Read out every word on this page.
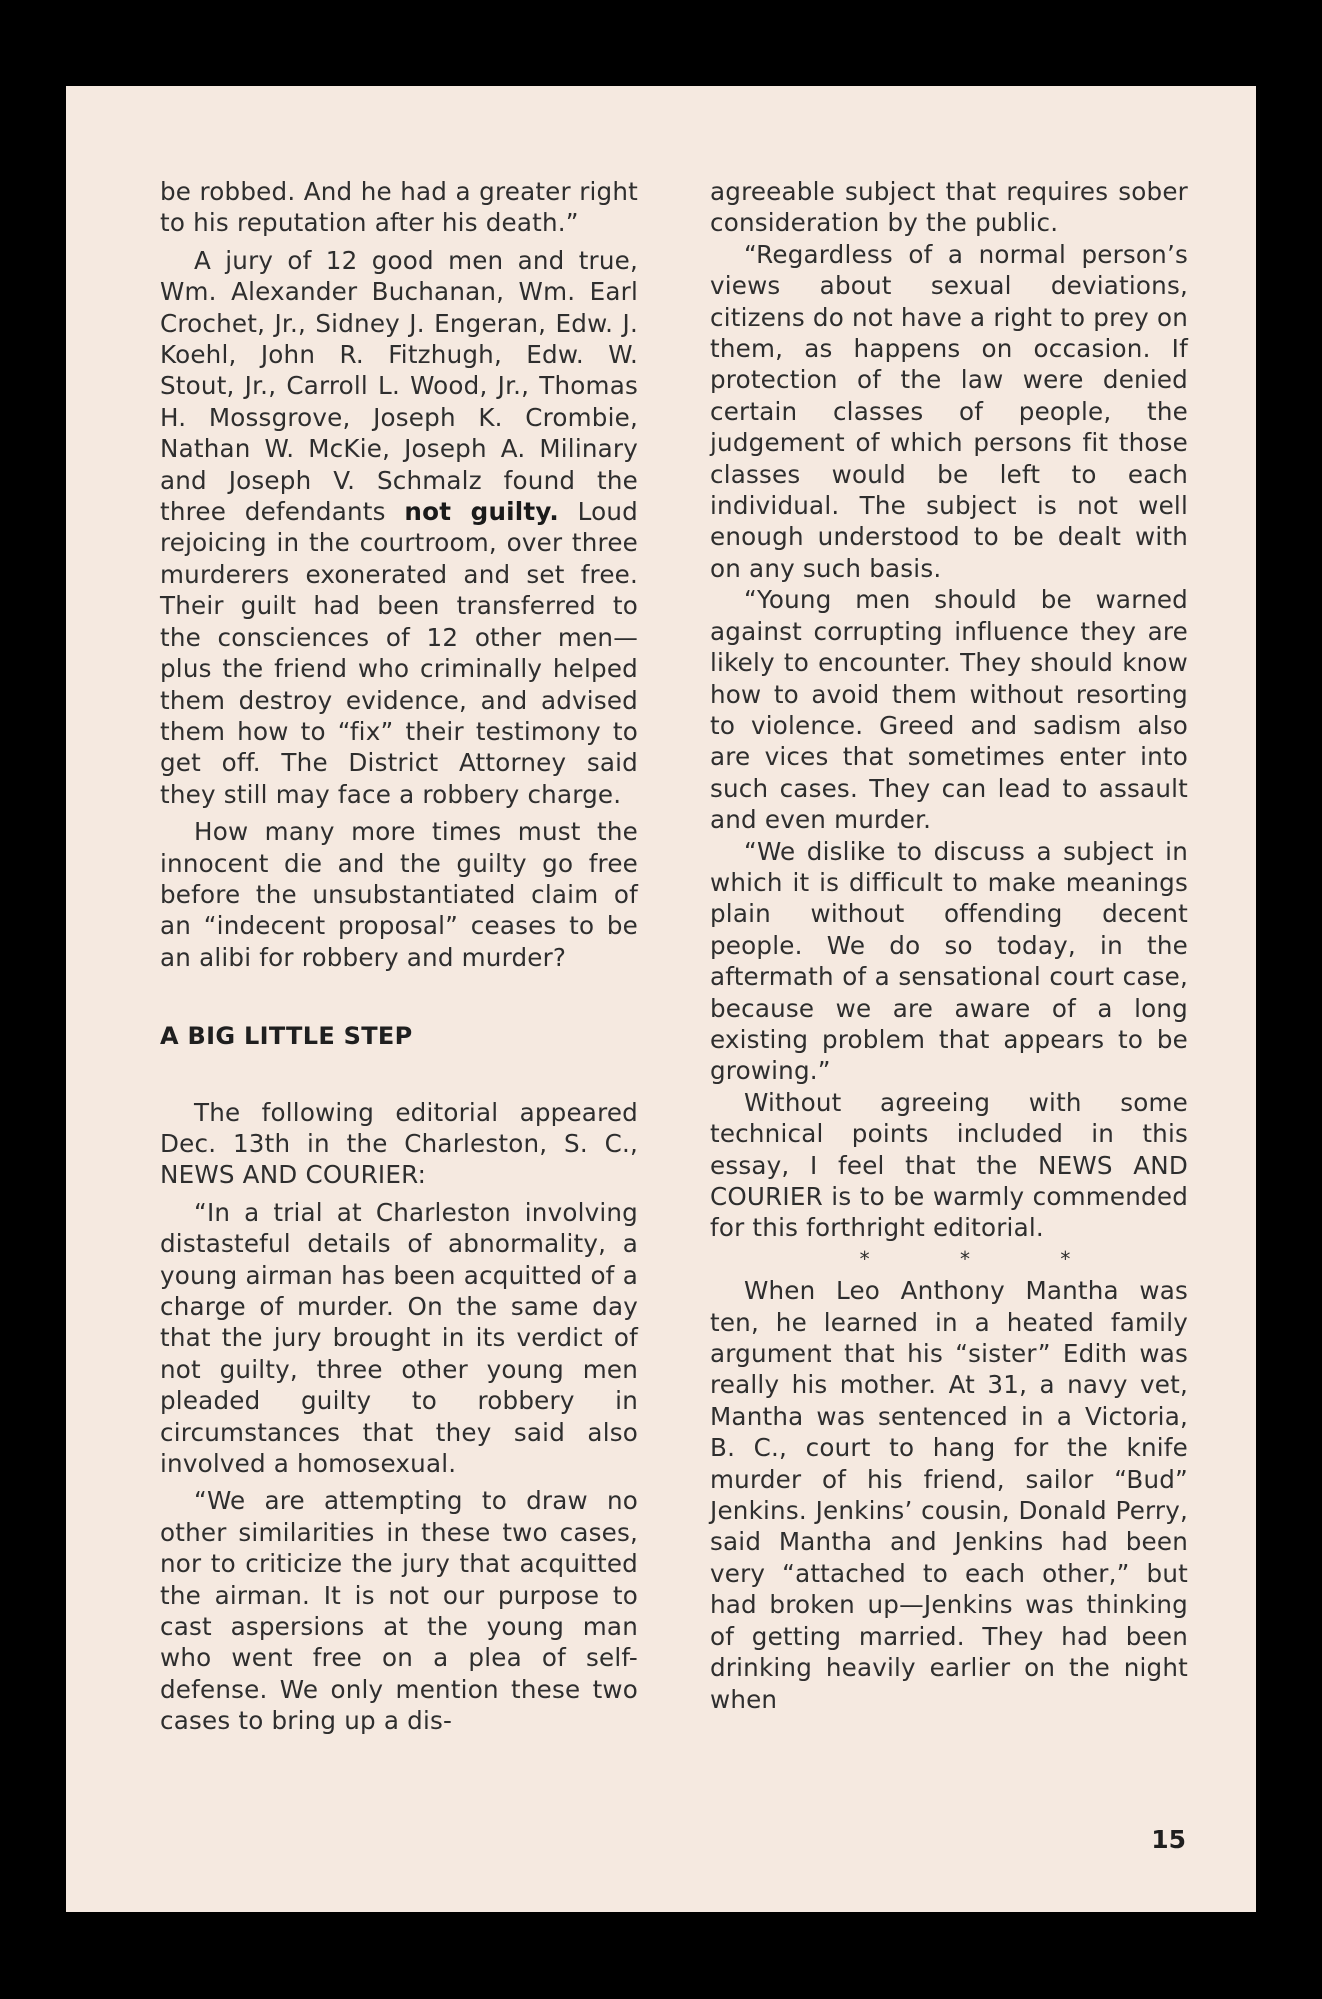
be robbed. And he had a greater right to his reputation after his death.”

A jury of 12 good men and true, Wm. Alexander Buchanan, Wm. Earl Crochet, Jr., Sidney J. Engeran, Edw. J. Koehl, John R. Fitzhugh, Edw. W. Stout, Jr., Carroll L. Wood, Jr., Thomas H. Mossgrove, Joseph K. Crombie, Nathan W. McKie, Joseph A. Milinary and Joseph V. Schmalz found the three defendants not guilty. Loud rejoicing in the courtroom, over three murderers exonerated and set free. Their guilt had been transferred to the consciences of 12 other men—plus the friend who criminally helped them destroy evidence, and advised them how to “fix” their testimony to get off. The District Attorney said they still may face a robbery charge.

How many more times must the innocent die and the guilty go free before the unsubstantiated claim of an “indecent proposal” ceases to be an alibi for robbery and murder?

A BIG LITTLE STEP

The following editorial appeared Dec. 13th in the Charleston, S. C., NEWS AND COURIER:

“In a trial at Charleston involving distasteful details of abnormality, a young airman has been acquitted of a charge of murder. On the same day that the jury brought in its verdict of not guilty, three other young men pleaded guilty to robbery in circumstances that they said also involved a homosexual.

“We are attempting to draw no other similarities in these two cases, nor to criticize the jury that acquitted the airman. It is not our purpose to cast aspersions at the young man who went free on a plea of self-defense. We only mention these two cases to bring up a dis-

agreeable subject that requires sober consideration by the public.

“Regardless of a normal person’s views about sexual deviations, citizens do not have a right to prey on them, as happens on occasion. If protection of the law were denied certain classes of people, the judgement of which persons fit those classes would be left to each individual. The subject is not well enough understood to be dealt with on any such basis.

“Young men should be warned against corrupting influence they are likely to encounter. They should know how to avoid them without resorting to violence. Greed and sadism also are vices that sometimes enter into such cases. They can lead to assault and even murder.

“We dislike to discuss a subject in which it is difficult to make meanings plain without offending decent people. We do so today, in the aftermath of a sensational court case, because we are aware of a long existing problem that appears to be growing.”

Without agreeing with some technical points included in this essay, I feel that the NEWS AND COURIER is to be warmly commended for this forthright editorial.

* * *

When Leo Anthony Mantha was ten, he learned in a heated family argument that his “sister” Edith was really his mother. At 31, a navy vet, Mantha was sentenced in a Victoria, B. C., court to hang for the knife murder of his friend, sailor “Bud” Jenkins. Jenkins’ cousin, Donald Perry, said Mantha and Jenkins had been very “attached to each other,” but had broken up—Jenkins was thinking of getting married. They had been drinking heavily earlier on the night when

15
